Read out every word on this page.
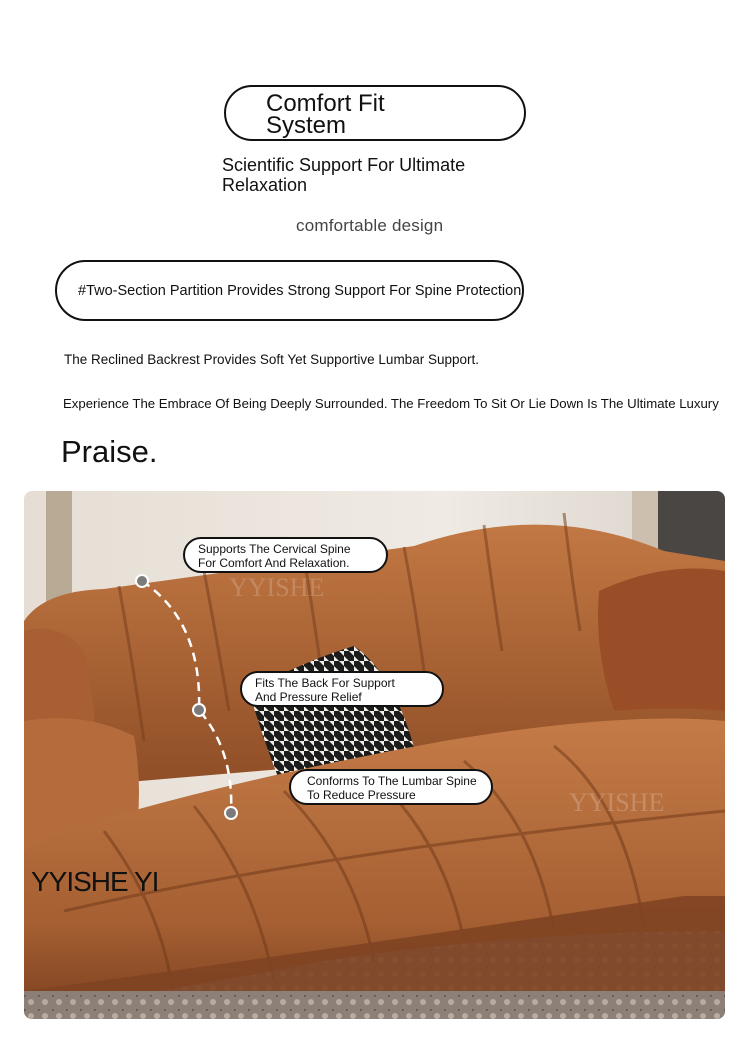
Comfort Fit
System
Scientific Support For Ultimate Relaxation
comfortable design
#Two-Section Partition Provides Strong Support For Spine Protection
The Reclined Backrest Provides Soft Yet Supportive Lumbar Support.
Experience The Embrace Of Being Deeply Surrounded. The Freedom To Sit Or Lie Down Is The Ultimate Luxury
Praise.
YYISHE
YYISHE
Supports The Cervical Spine
For Comfort And Relaxation.
Fits The Back For Support
And Pressure Relief
Conforms To The Lumbar Spine
To Reduce Pressure
YYISHE YI
